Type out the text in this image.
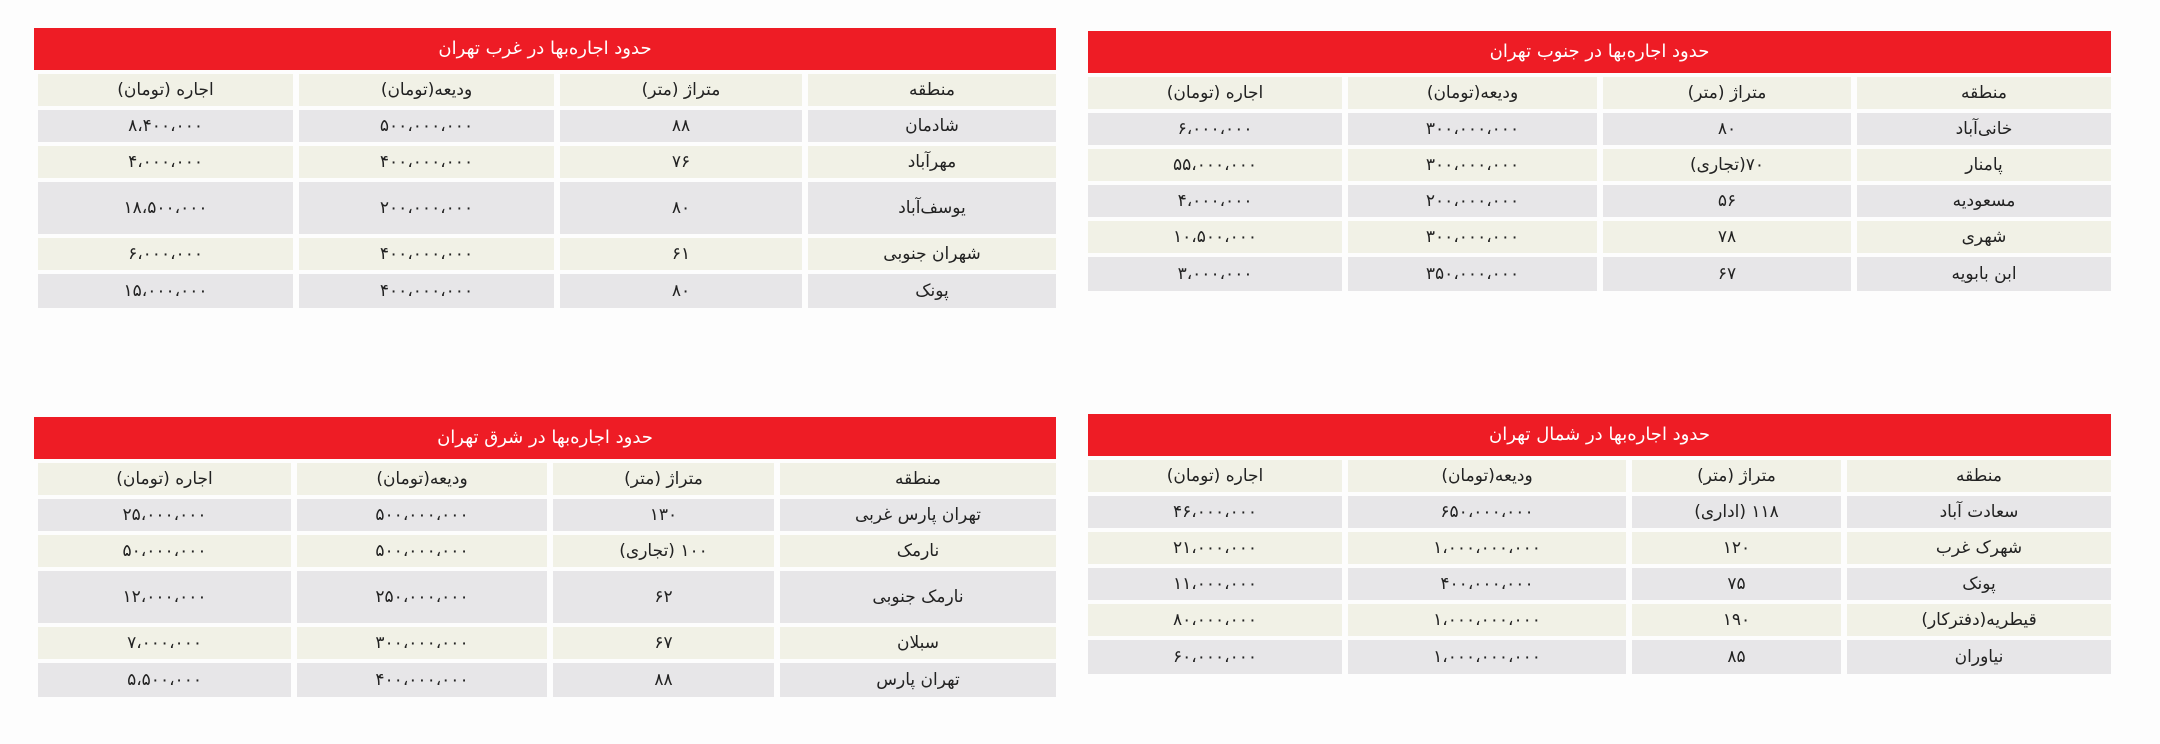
حدود اجاره‌بها در غرب تهران
منطقه
متراژ (متر)
ودیعه(تومان)
اجاره (تومان)
شادمان
۸۸
۵۰۰،۰۰۰،۰۰۰
۸،۴۰۰،۰۰۰
مهرآباد
۷۶
۴۰۰،۰۰۰،۰۰۰
۴،۰۰۰،۰۰۰
یوسف‌آباد
۸۰
۲۰۰،۰۰۰،۰۰۰
۱۸،۵۰۰،۰۰۰
شهران جنوبی
۶۱
۴۰۰،۰۰۰،۰۰۰
۶،۰۰۰،۰۰۰
پونک
۸۰
۴۰۰،۰۰۰،۰۰۰
۱۵،۰۰۰،۰۰۰
حدود اجاره‌بها در جنوب تهران
منطقه
متراژ (متر)
ودیعه(تومان)
اجاره (تومان)
خانی‌آباد
۸۰
۳۰۰،۰۰۰،۰۰۰
۶،۰۰۰،۰۰۰
پامنار
۷۰(تجاری)
۳۰۰،۰۰۰،۰۰۰
۵۵،۰۰۰،۰۰۰
مسعودیه
۵۶
۲۰۰،۰۰۰،۰۰۰
۴،۰۰۰،۰۰۰
شهری
۷۸
۳۰۰،۰۰۰،۰۰۰
۱۰،۵۰۰،۰۰۰
ابن بابویه
۶۷
۳۵۰،۰۰۰،۰۰۰
۳،۰۰۰،۰۰۰
حدود اجاره‌بها در شرق تهران
منطقه
متراژ (متر)
ودیعه(تومان)
اجاره (تومان)
تهران پارس غربی
۱۳۰
۵۰۰،۰۰۰،۰۰۰
۲۵،۰۰۰،۰۰۰
نارمک
۱۰۰ (تجاری)
۵۰۰،۰۰۰،۰۰۰
۵۰،۰۰۰،۰۰۰
نارمک جنوبی
۶۲
۲۵۰،۰۰۰،۰۰۰
۱۲،۰۰۰،۰۰۰
سبلان
۶۷
۳۰۰،۰۰۰،۰۰۰
۷،۰۰۰،۰۰۰
تهران پارس
۸۸
۴۰۰،۰۰۰،۰۰۰
۵،۵۰۰،۰۰۰
حدود اجاره‌بها در شمال تهران
منطقه
متراژ (متر)
ودیعه(تومان)
اجاره (تومان)
سعادت آباد
۱۱۸ (اداری)
۶۵۰،۰۰۰،۰۰۰
۴۶،۰۰۰،۰۰۰
شهرک غرب
۱۲۰
۱،۰۰۰،۰۰۰،۰۰۰
۲۱،۰۰۰،۰۰۰
پونک
۷۵
۴۰۰،۰۰۰،۰۰۰
۱۱،۰۰۰،۰۰۰
قیطریه(دفترکار)
۱۹۰
۱،۰۰۰،۰۰۰،۰۰۰
۸۰،۰۰۰،۰۰۰
نیاوران
۸۵
۱،۰۰۰،۰۰۰،۰۰۰
۶۰،۰۰۰،۰۰۰
